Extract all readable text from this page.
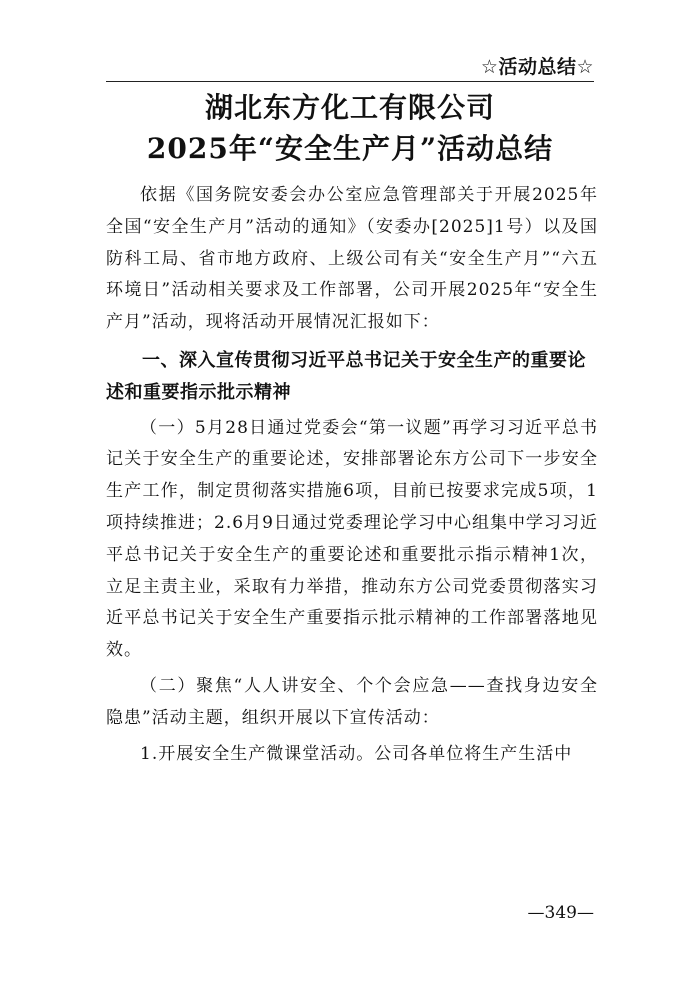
☆活动总结☆
湖北东方化工有限公司
2025年“安全生产月”活动总结

依据《国务院安委会办公室应急管理部关于开展2025年全国“安全生产月”活动的通知》（安委办[2025]1号）以及国防科工局、省市地方政府、上级公司有关“安全生产月”“六五环境日”活动相关要求及工作部署，公司开展2025年“安全生产月”活动，现将活动开展情况汇报如下：

一、深入宣传贯彻习近平总书记关于安全生产的重要论述和重要指示批示精神

（一）5月28日通过党委会“第一议题”再学习习近平总书记关于安全生产的重要论述，安排部署论东方公司下一步安全生产工作，制定贯彻落实措施6项，目前已按要求完成5项，1项持续推进；2.6月9日通过党委理论学习中心组集中学习习近平总书记关于安全生产的重要论述和重要批示指示精神1次，立足主责主业，采取有力举措，推动东方公司党委贯彻落实习近平总书记关于安全生产重要指示批示精神的工作部署落地见效。

（二）聚焦“人人讲安全、个个会应急——查找身边安全隐患”活动主题，组织开展以下宣传活动：

1.开展安全生产微课堂活动。公司各单位将生产生活中

—349—
